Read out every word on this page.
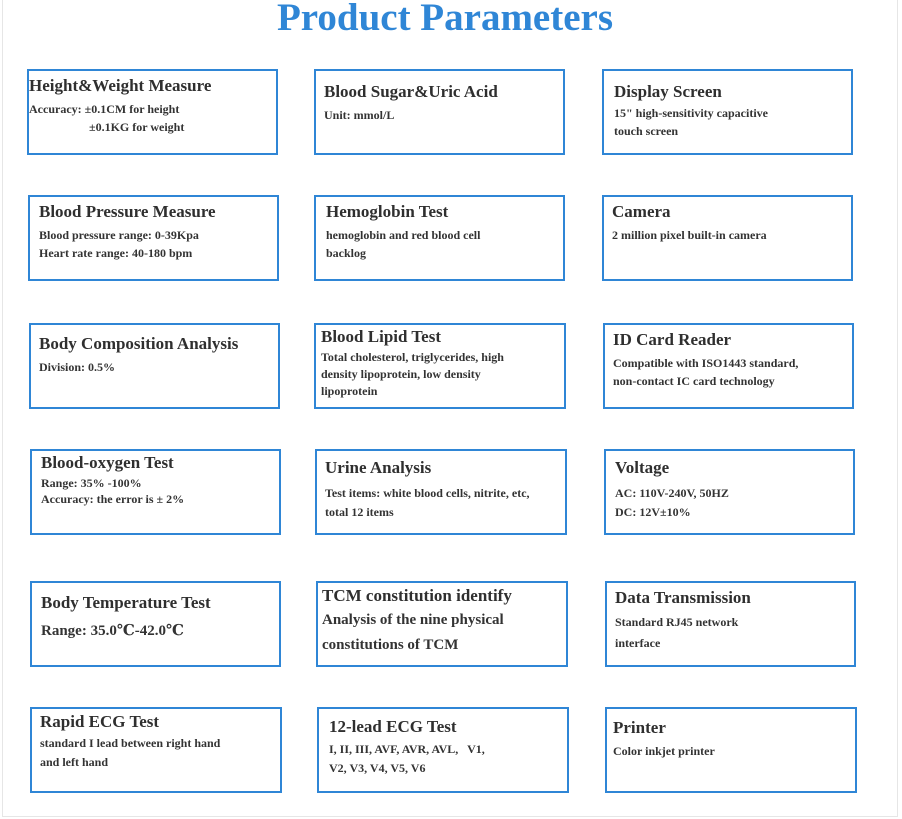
Product Parameters
Height&Weight Measure
Accuracy: ±0.1CM for height
±0.1KG for weight
Blood Sugar&Uric Acid
Unit: mmol/L
Display Screen
15" high-sensitivity capacitive
touch screen
Blood Pressure Measure
Blood pressure range: 0-39Kpa
Heart rate range: 40-180 bpm
Hemoglobin Test
hemoglobin and red blood cell
backlog
Camera
2 million pixel built-in camera
Body Composition Analysis
Division: 0.5%
Blood Lipid Test
Total cholesterol, triglycerides, high
density lipoprotein, low density
lipoprotein
ID Card Reader
Compatible with ISO1443 standard,
non-contact IC card technology
Blood-oxygen Test
Range: 35% -100%
Accuracy: the error is ± 2%
Urine Analysis
Test items: white blood cells, nitrite, etc,
total 12 items
Voltage
AC: 110V-240V, 50HZ
DC: 12V±10%
Body Temperature Test
Range: 35.0℃-42.0℃
TCM constitution identify
Analysis of the nine physical
constitutions of TCM
Data Transmission
Standard RJ45 network
interface
Rapid ECG Test
standard I lead between right hand
and left hand
12-lead ECG Test
I, II, III, AVF, AVR, AVL,   V1,
V2, V3, V4, V5, V6
Printer
Color inkjet printer
